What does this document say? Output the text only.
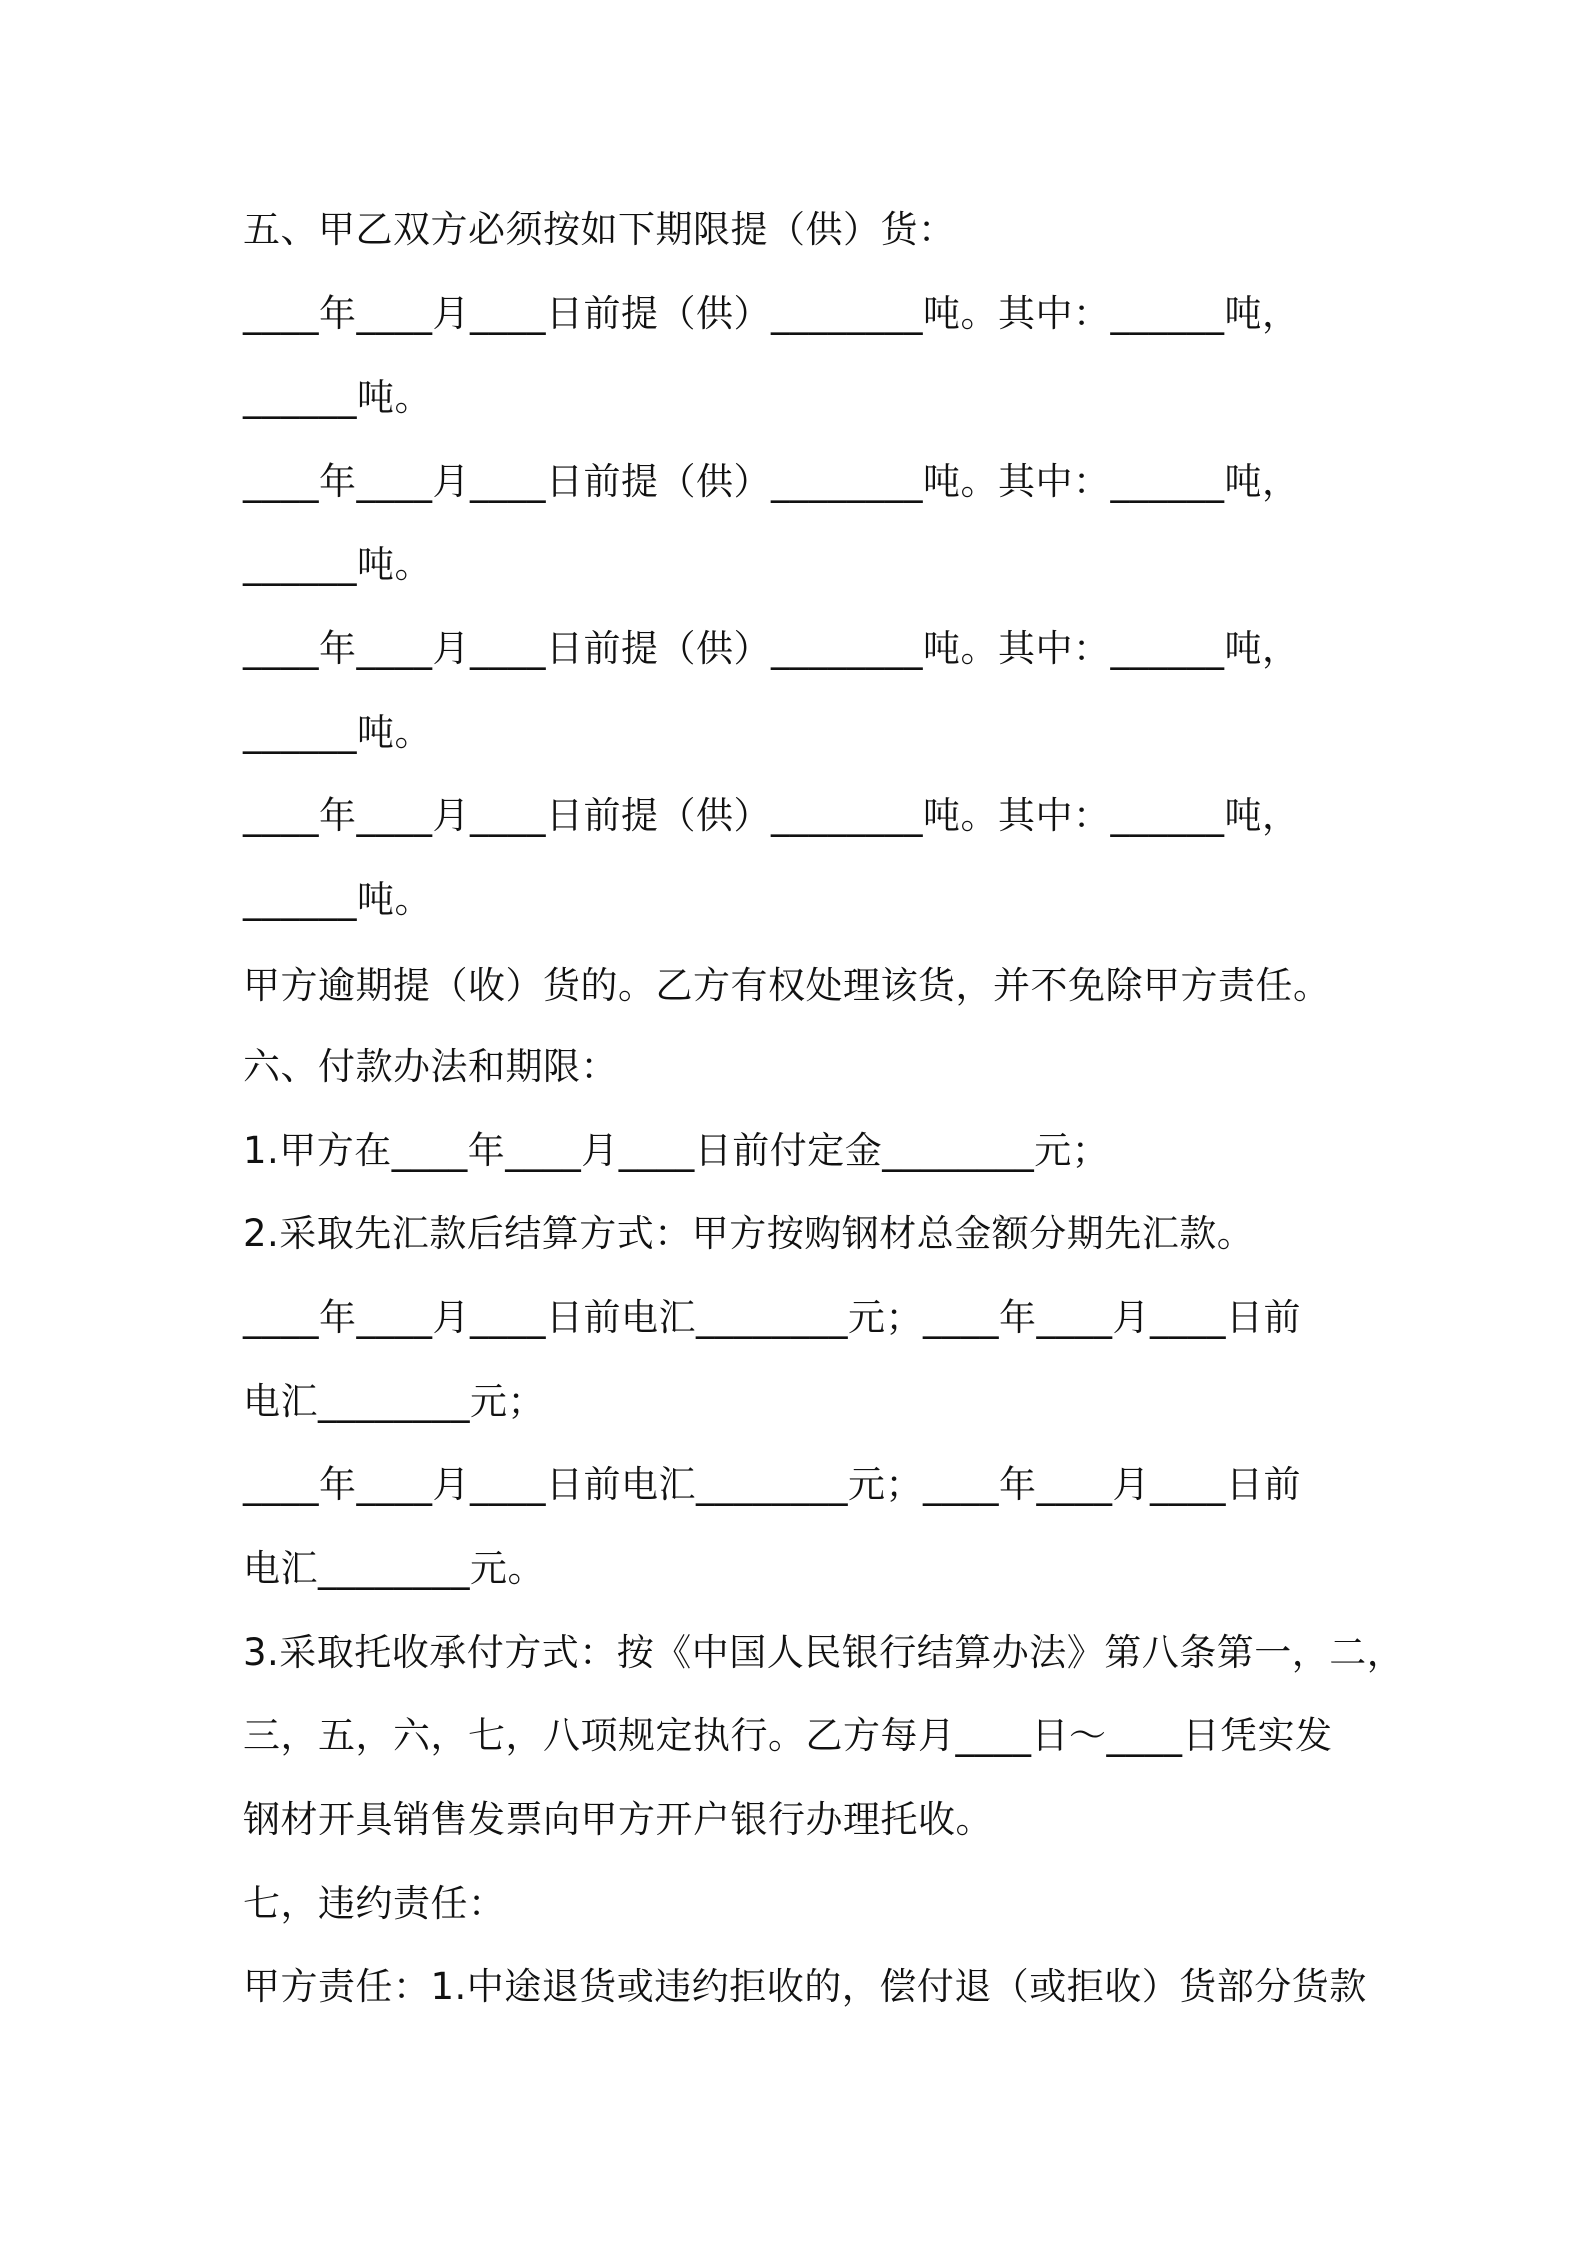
五、甲乙双方必须按如下期限提（供）货：
____年____月____日前提（供）________吨。其中：______吨，
______吨。
____年____月____日前提（供）________吨。其中：______吨，
______吨。
____年____月____日前提（供）________吨。其中：______吨，
______吨。
____年____月____日前提（供）________吨。其中：______吨，
______吨。
甲方逾期提（收）货的。乙方有权处理该货，并不免除甲方责任。
六、付款办法和期限：
1.甲方在____年____月____日前付定金________元；
2.采取先汇款后结算方式：甲方按购钢材总金额分期先汇款。
____年____月____日前电汇________元；____年____月____日前
电汇________元；
____年____月____日前电汇________元；____年____月____日前
电汇________元。
3.采取托收承付方式：按《中国人民银行结算办法》第八条第一，二，
三，五，六，七，八项规定执行。乙方每月____日～____日凭实发
钢材开具销售发票向甲方开户银行办理托收。
七，违约责任：
甲方责任：1.中途退货或违约拒收的，偿付退（或拒收）货部分货款
